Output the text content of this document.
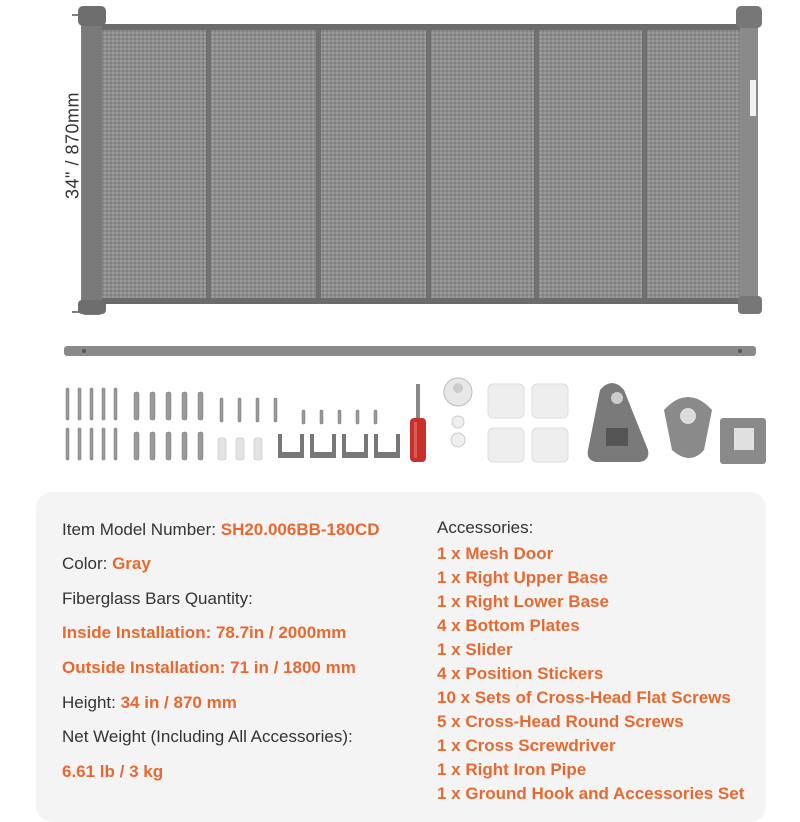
34" / 870mm
Item Model Number: SH20.006BB-180CD
Color: Gray
Fiberglass Bars Quantity:
Inside Installation: 78.7in / 2000mm
Outside Installation: 71 in / 1800 mm
Height: 34 in / 870 mm
Net Weight (Including All Accessories):
6.61 lb / 3 kg
Accessories:
1 x Mesh Door
1 x Right Upper Base
1 x Right Lower Base
4 x Bottom Plates
1 x Slider
4 x Position Stickers
10 x Sets of Cross-Head Flat Screws
5 x Cross-Head Round Screws
1 x Cross Screwdriver
1 x Right Iron Pipe
1 x Ground Hook and Accessories Set
